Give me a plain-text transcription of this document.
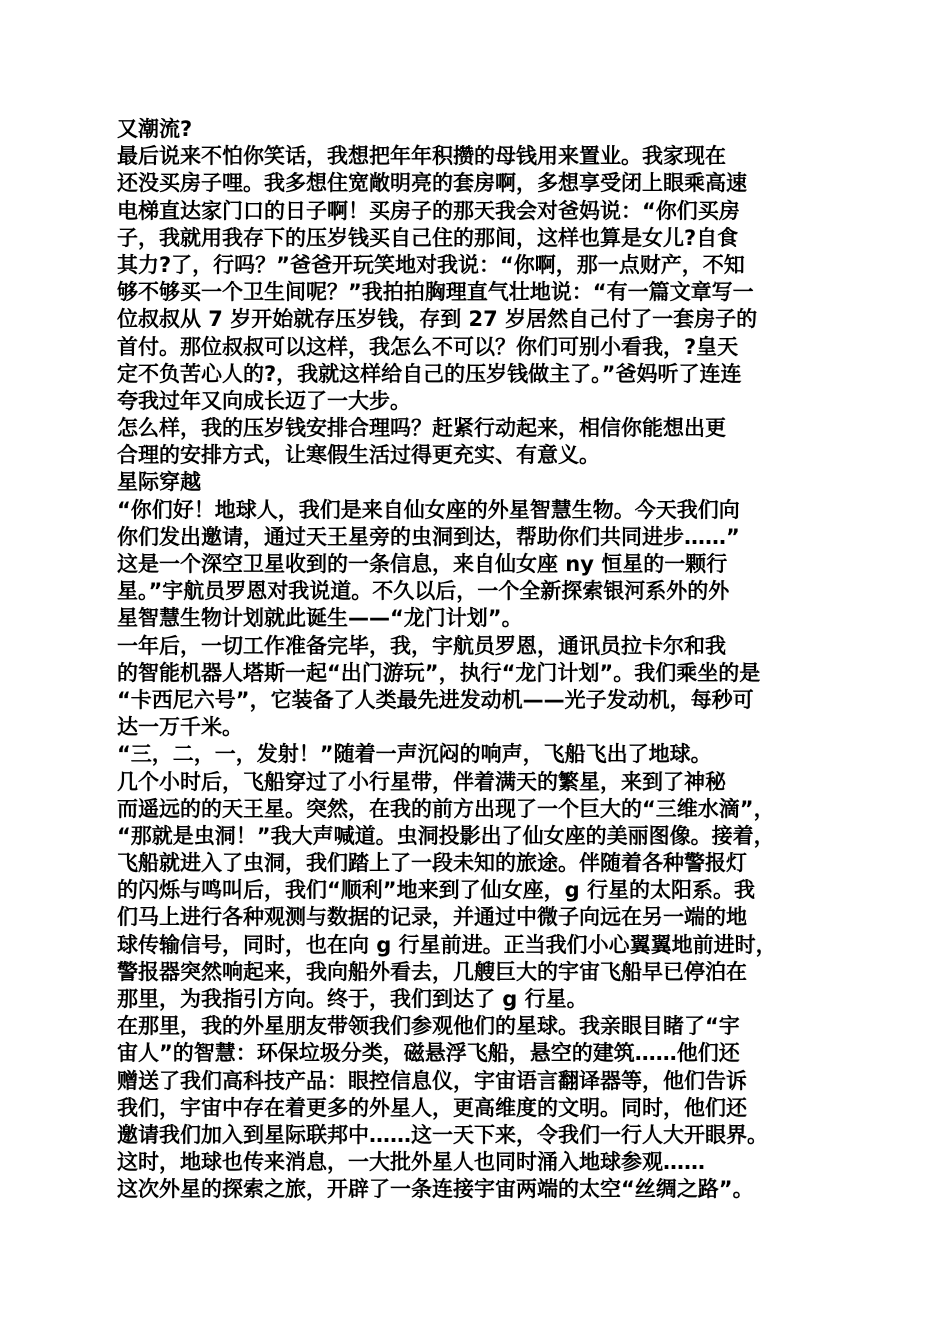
又潮流?
最后说来不怕你笑话，我想把年年积攒的母钱用来置业。我家现在
还没买房子哩。我多想住宽敞明亮的套房啊，多想享受闭上眼乘高速
电梯直达家门口的日子啊！买房子的那天我会对爸妈说：“你们买房
子，我就用我存下的压岁钱买自己住的那间，这样也算是女儿?自食
其力?了，行吗？”爸爸开玩笑地对我说：“你啊，那一点财产，不知
够不够买一个卫生间呢？”我拍拍胸理直气壮地说：“有一篇文章写一
位叔叔从 7 岁开始就存压岁钱，存到 27 岁居然自己付了一套房子的
首付。那位叔叔可以这样，我怎么不可以？你们可别小看我，?皇天
定不负苦心人的?，我就这样给自己的压岁钱做主了。”爸妈听了连连
夸我过年又向成长迈了一大步。
怎么样，我的压岁钱安排合理吗？赶紧行动起来，相信你能想出更
合理的安排方式，让寒假生活过得更充实、有意义。
星际穿越
“你们好！地球人，我们是来自仙女座的外星智慧生物。今天我们向
你们发出邀请，通过天王星旁的虫洞到达，帮助你们共同进步……”
这是一个深空卫星收到的一条信息，来自仙女座 ny 恒星的一颗行
星。”宇航员罗恩对我说道。不久以后，一个全新探索银河系外的外
星智慧生物计划就此诞生——“龙门计划”。
一年后，一切工作准备完毕，我，宇航员罗恩，通讯员拉卡尔和我
的智能机器人塔斯一起“出门游玩”，执行“龙门计划”。我们乘坐的是
“卡西尼六号”，它装备了人类最先进发动机——光子发动机，每秒可
达一万千米。
“三，二，一，发射！”随着一声沉闷的响声，飞船飞出了地球。
几个小时后，飞船穿过了小行星带，伴着满天的繁星，来到了神秘
而遥远的的天王星。突然，在我的前方出现了一个巨大的“三维水滴”，
“那就是虫洞！”我大声喊道。虫洞投影出了仙女座的美丽图像。接着，
飞船就进入了虫洞，我们踏上了一段未知的旅途。伴随着各种警报灯
的闪烁与鸣叫后，我们“顺利”地来到了仙女座，g 行星的太阳系。我
们马上进行各种观测与数据的记录，并通过中微子向远在另一端的地
球传输信号，同时，也在向 g 行星前进。正当我们小心翼翼地前进时，
警报器突然响起来，我向船外看去，几艘巨大的宇宙飞船早已停泊在
那里，为我指引方向。终于，我们到达了 g 行星。
在那里，我的外星朋友带领我们参观他们的星球。我亲眼目睹了“宇
宙人”的智慧：环保垃圾分类，磁悬浮飞船，悬空的建筑……他们还
赠送了我们高科技产品：眼控信息仪，宇宙语言翻译器等，他们告诉
我们，宇宙中存在着更多的外星人，更高维度的文明。同时，他们还
邀请我们加入到星际联邦中……这一天下来，令我们一行人大开眼界。
这时，地球也传来消息，一大批外星人也同时涌入地球参观……
这次外星的探索之旅，开辟了一条连接宇宙两端的太空“丝绸之路”。
